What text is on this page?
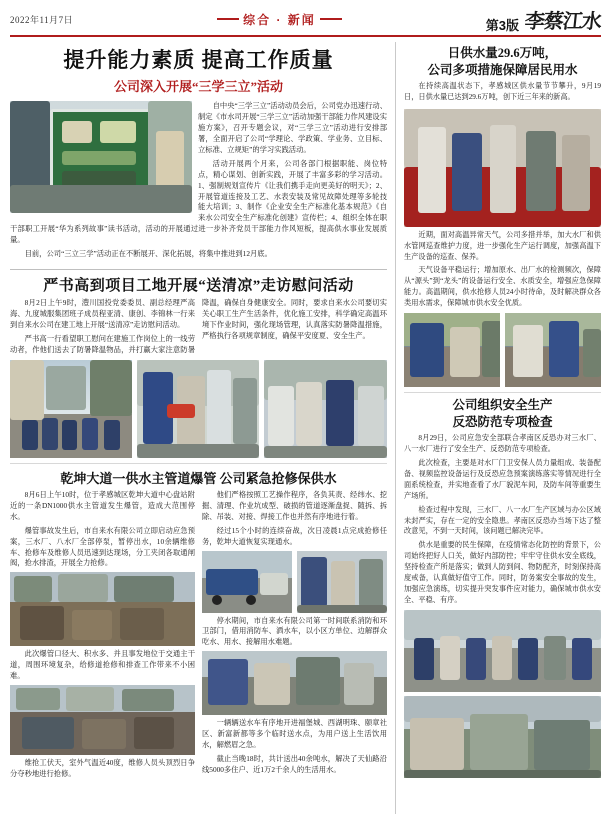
2022年11月7日	综合 · 新闻	第3版 李蔡江水
提升能力素质 提高工作质量
公司深入开展“三学三立”活动

自中央“三学三立”活动动员会后，公司党办迅速行动、制定《市水司开展“三学三立”活动加强干部能力作风建设实施方案》，召开专题会议，对“三学三立”活动进行安排部署，全面开启了公司“学理论、学政策、学业务、立目标、立标准、立规矩”的学习实践活动。

活动开展两个月来，公司各部门根据职能、岗位特点，精心谋划、创新实践，开展了丰富多彩的学习活动。1、强制规划宣传片《让我们携手走向更美好的明天》；2、开展管道连接及工艺、水表安装及常见故障处理等多轮技能大培训；3、制作《企业安全生产标准化基本规范》《自来水公司安全生产标准化创建》宣传栏；4、组织全体在职干部职工开展“华为系列故事”读书活动，活动的开展通过进一步补齐党员干部能力作风短板，提高供水事业发展质量。

目前，公司“三立三学”活动正在不断展开、深化拓展，将集中推进到12月底。

严书高到项目工地开展“送清凉”走访慰问活动

8月2日上午9时，澧川国投党委委员、副总经理严高海、九度城服集团班子成员程亚清、康创、李锦林一行来到自来水公司在建工地上开展“送清凉”走访慰问活动。

严书高一行看望职工慰问在建施工作岗位上的一线劳动者，作他们送去了防暑降温物品，并打赢大家注意防暑降温，确保自身健康安全。同时，要求自来水公司要切实关心职工生产生活条件，优化施工安排，科学确定高温环境下作业时间，强化现场管理，认真落实防暑降温措施，严格执行各项规章制度，确保平安度夏、安全生产。

乾坤大道一供水主管道爆管 公司紧急抢修保供水

8月6日上午10时，位于孝感城区乾坤大道中心盘站附近的一条DN1000供水主管道发生爆管，造成大范围停水。

爆管事故发生后，市自来水有限公司立即启动应急预案，三水厂、八水厂全部停泵，暂停出水，10余辆维修车、抢修车及维修人员迅速到达现场，分工夹闭各取通闸阀，抢水排渣，开展全力抢修。

此次爆管口径大、积水多、并且事发地位于交通主干道，周围环境复杂，给修道抢修和排查工作带来不小困难。

维抢工伏天，室外气温近40度，维修人员头顶烈日争分夺秒地进行抢修。

他们严格按照工艺操作程序，各负其责、经纬水、挖掘、清理、作业坑成型、破损的管道逐渐盘捉、随拆、拆除、吊装、对接、焊接工作也并然有序地进行着。

经过15个小时的连续奋战，次日凌晨1点完成抢修任务，乾坤大道恢复实现通水。

停水期间，市自来水有限公司第一时间联系消防和环卫部门，借用消防车、洒水车，以小区方单位、边解群众吃水、用水、接解用水难题。

一辆辆送水车有序地开进福堡城、西湖明珠、颐章社区、新富新都等多个临时送水点，为用户送上生活饮用水，解燃眉之急。

截止当晚18时，共计送出40余吨水，解决了天仙路沿线5000多住户、近1万2千余人的生活用水。

日供水量29.6万吨，
公司多项措施保障居民用水

在持续高温状态下，孝感城区供水量节节攀升，9月19日，日供水量已达到29.6万吨，创下近三年来的新高。

近期，面对高温异常天气，公司多措并举，加大水厂和供水管网巡查维护力度，进一步强化生产运行调度，加强高温下生产设备的巡查、保养。

天气设备平稳运行；增加原水、出厂水的检测频次，保障从“源头”到“龙头”的设备运行安全、水质安全，增强应急保障能力。高温期间，供水抢修人员24小时待命，及时解决群众各类用水需求，保障城市供水安全优质。

公司组织安全生产
反恐防范专项检查

8月29日，公司应急安全部联合孝南区反恐办对三水厂、八一水厂进行了安全生产、反恐防范专项检查。

此次检查，主要是对水厂门卫安保人员力量组成、装备配备、视频监控设备运行及反恐应急预案演练落实等情况进行全面系统检查，并实地查看了水厂貌泥车间，及防车间等重要生产场所。

检查过程中发现，三水厂、八一水厂生产区域与办公区域未封严实，存在一定的安全隐患。孝南区反恐办当场下达了整改意见，不到一天时间，该问题已解决完毕。

供水是重要的民生保障，在疫情常态化防控的背景下，公司始终把好人口关，做好内部防控；牢牢守住供水安全底线，坚持检查产所是落实；做到人防到间、物防配齐，时刻保持高度戒备，认真做好值守工作。同时，防务案安全事故的发生，加强应急演练，切实提升突发事件应对能力，确保城市供水安全、平稳、有序。
